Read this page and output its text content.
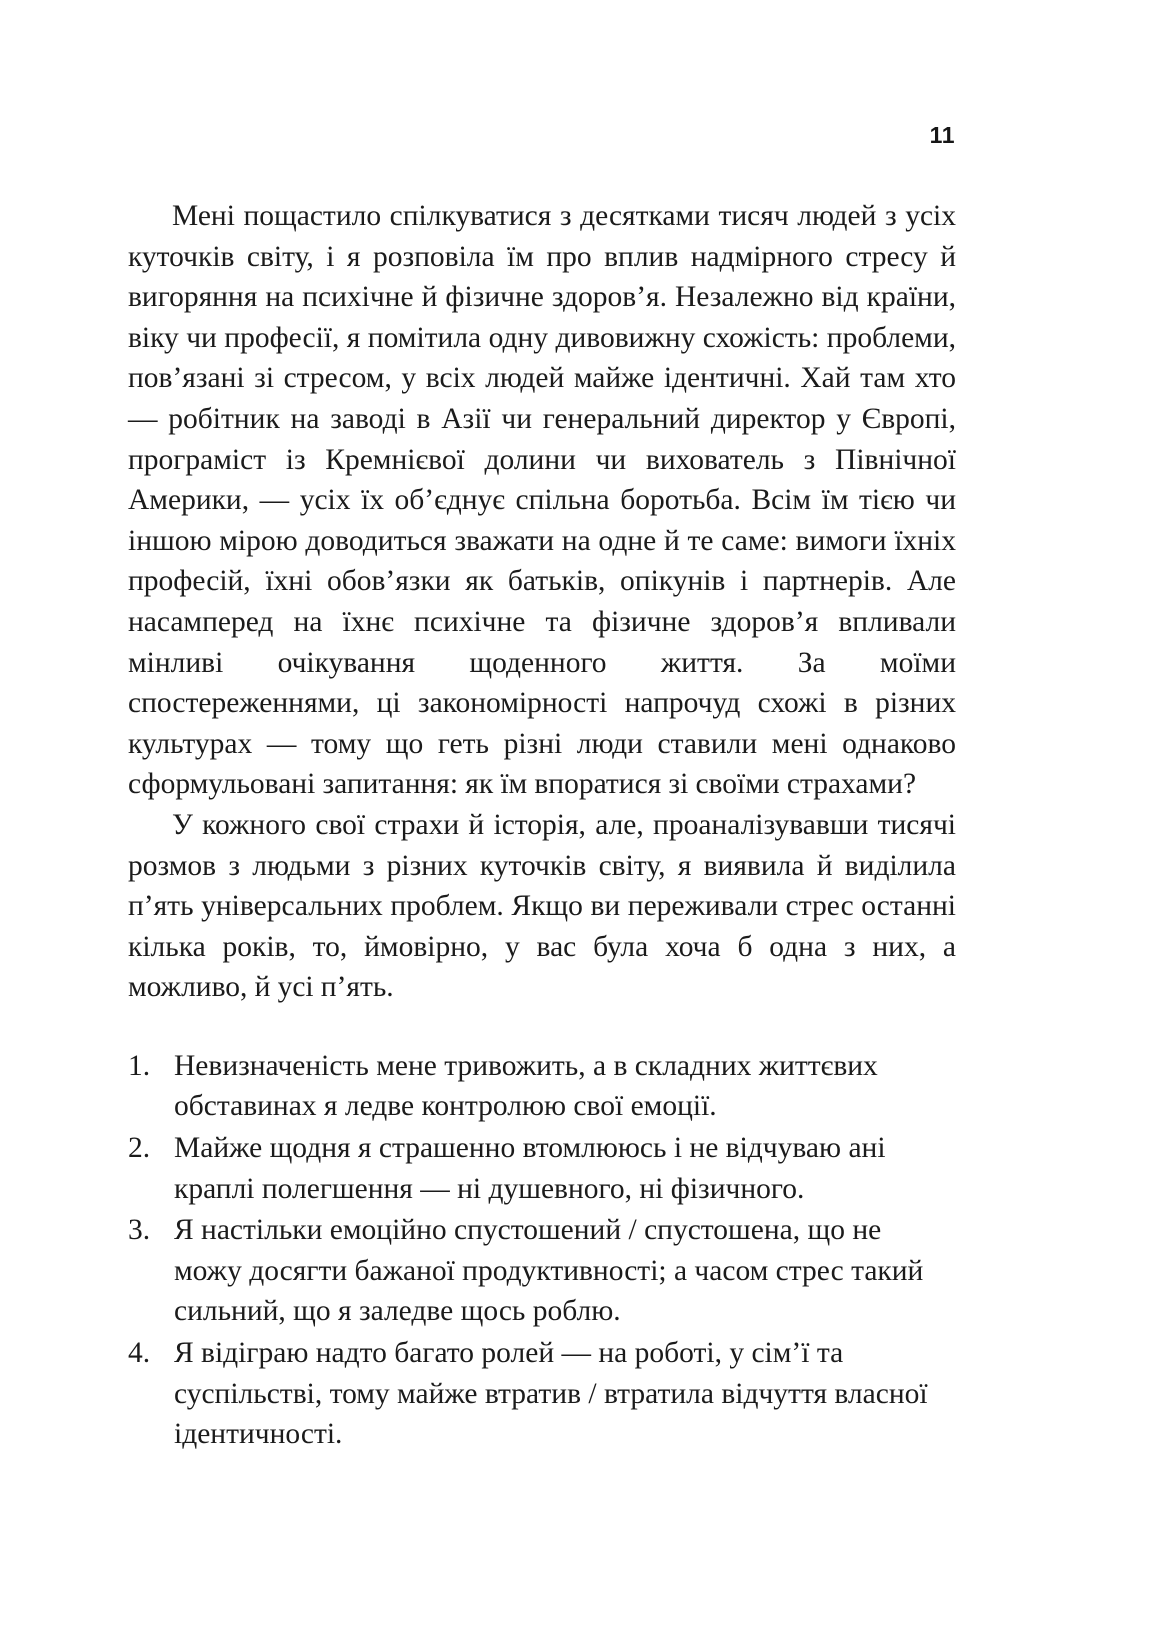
11

Мені пощастило спілкуватися з десятками тисяч людей з усіх куточків світу, і я розповіла їм про вплив надмірного стресу й вигоряння на психічне й фізичне здоров’я. Незалежно від країни, віку чи професії, я помітила одну дивовижну схожість: проблеми, пов’язані зі стресом, у всіх людей майже ідентичні. Хай там хто — робітник на заводі в Азії чи генеральний директор у Європі, програміст із Кремнієвої долини чи вихователь з Північної Америки, — усіх їх об’єднує спільна боротьба. Всім їм тією чи іншою мірою доводиться зважати на одне й те саме: вимоги їхніх професій, їхні обов’язки як батьків, опікунів і партнерів. Але насамперед на їхнє психічне та фізичне здоров’я впливали мінливі очікування щоденного життя. За моїми спостереженнями, ці закономірності напрочуд схожі в різних культурах — тому що геть різні люди ставили мені однаково сформульовані запитання: як їм впоратися зі своїми страхами?

У кожного свої страхи й історія, але, проаналізувавши тисячі розмов з людьми з різних куточків світу, я виявила й виділила п’ять універсальних проблем. Якщо ви переживали стрес останні кілька років, то, ймовірно, у вас була хоча б одна з них, а можливо, й усі п’ять.

1. Невизначеність мене тривожить, а в складних життєвих обставинах я ледве контролюю свої емоції.
2. Майже щодня я страшенно втомлююсь і не відчуваю ані краплі полегшення — ні душевного, ні фізичного.
3. Я настільки емоційно спустошений / спустошена, що не можу досягти бажаної продуктивності; а часом стрес такий сильний, що я заледве щось роблю.
4. Я відіграю надто багато ролей — на роботі, у сім’ї та суспільстві, тому майже втратив / втратила відчуття власної ідентичності.
